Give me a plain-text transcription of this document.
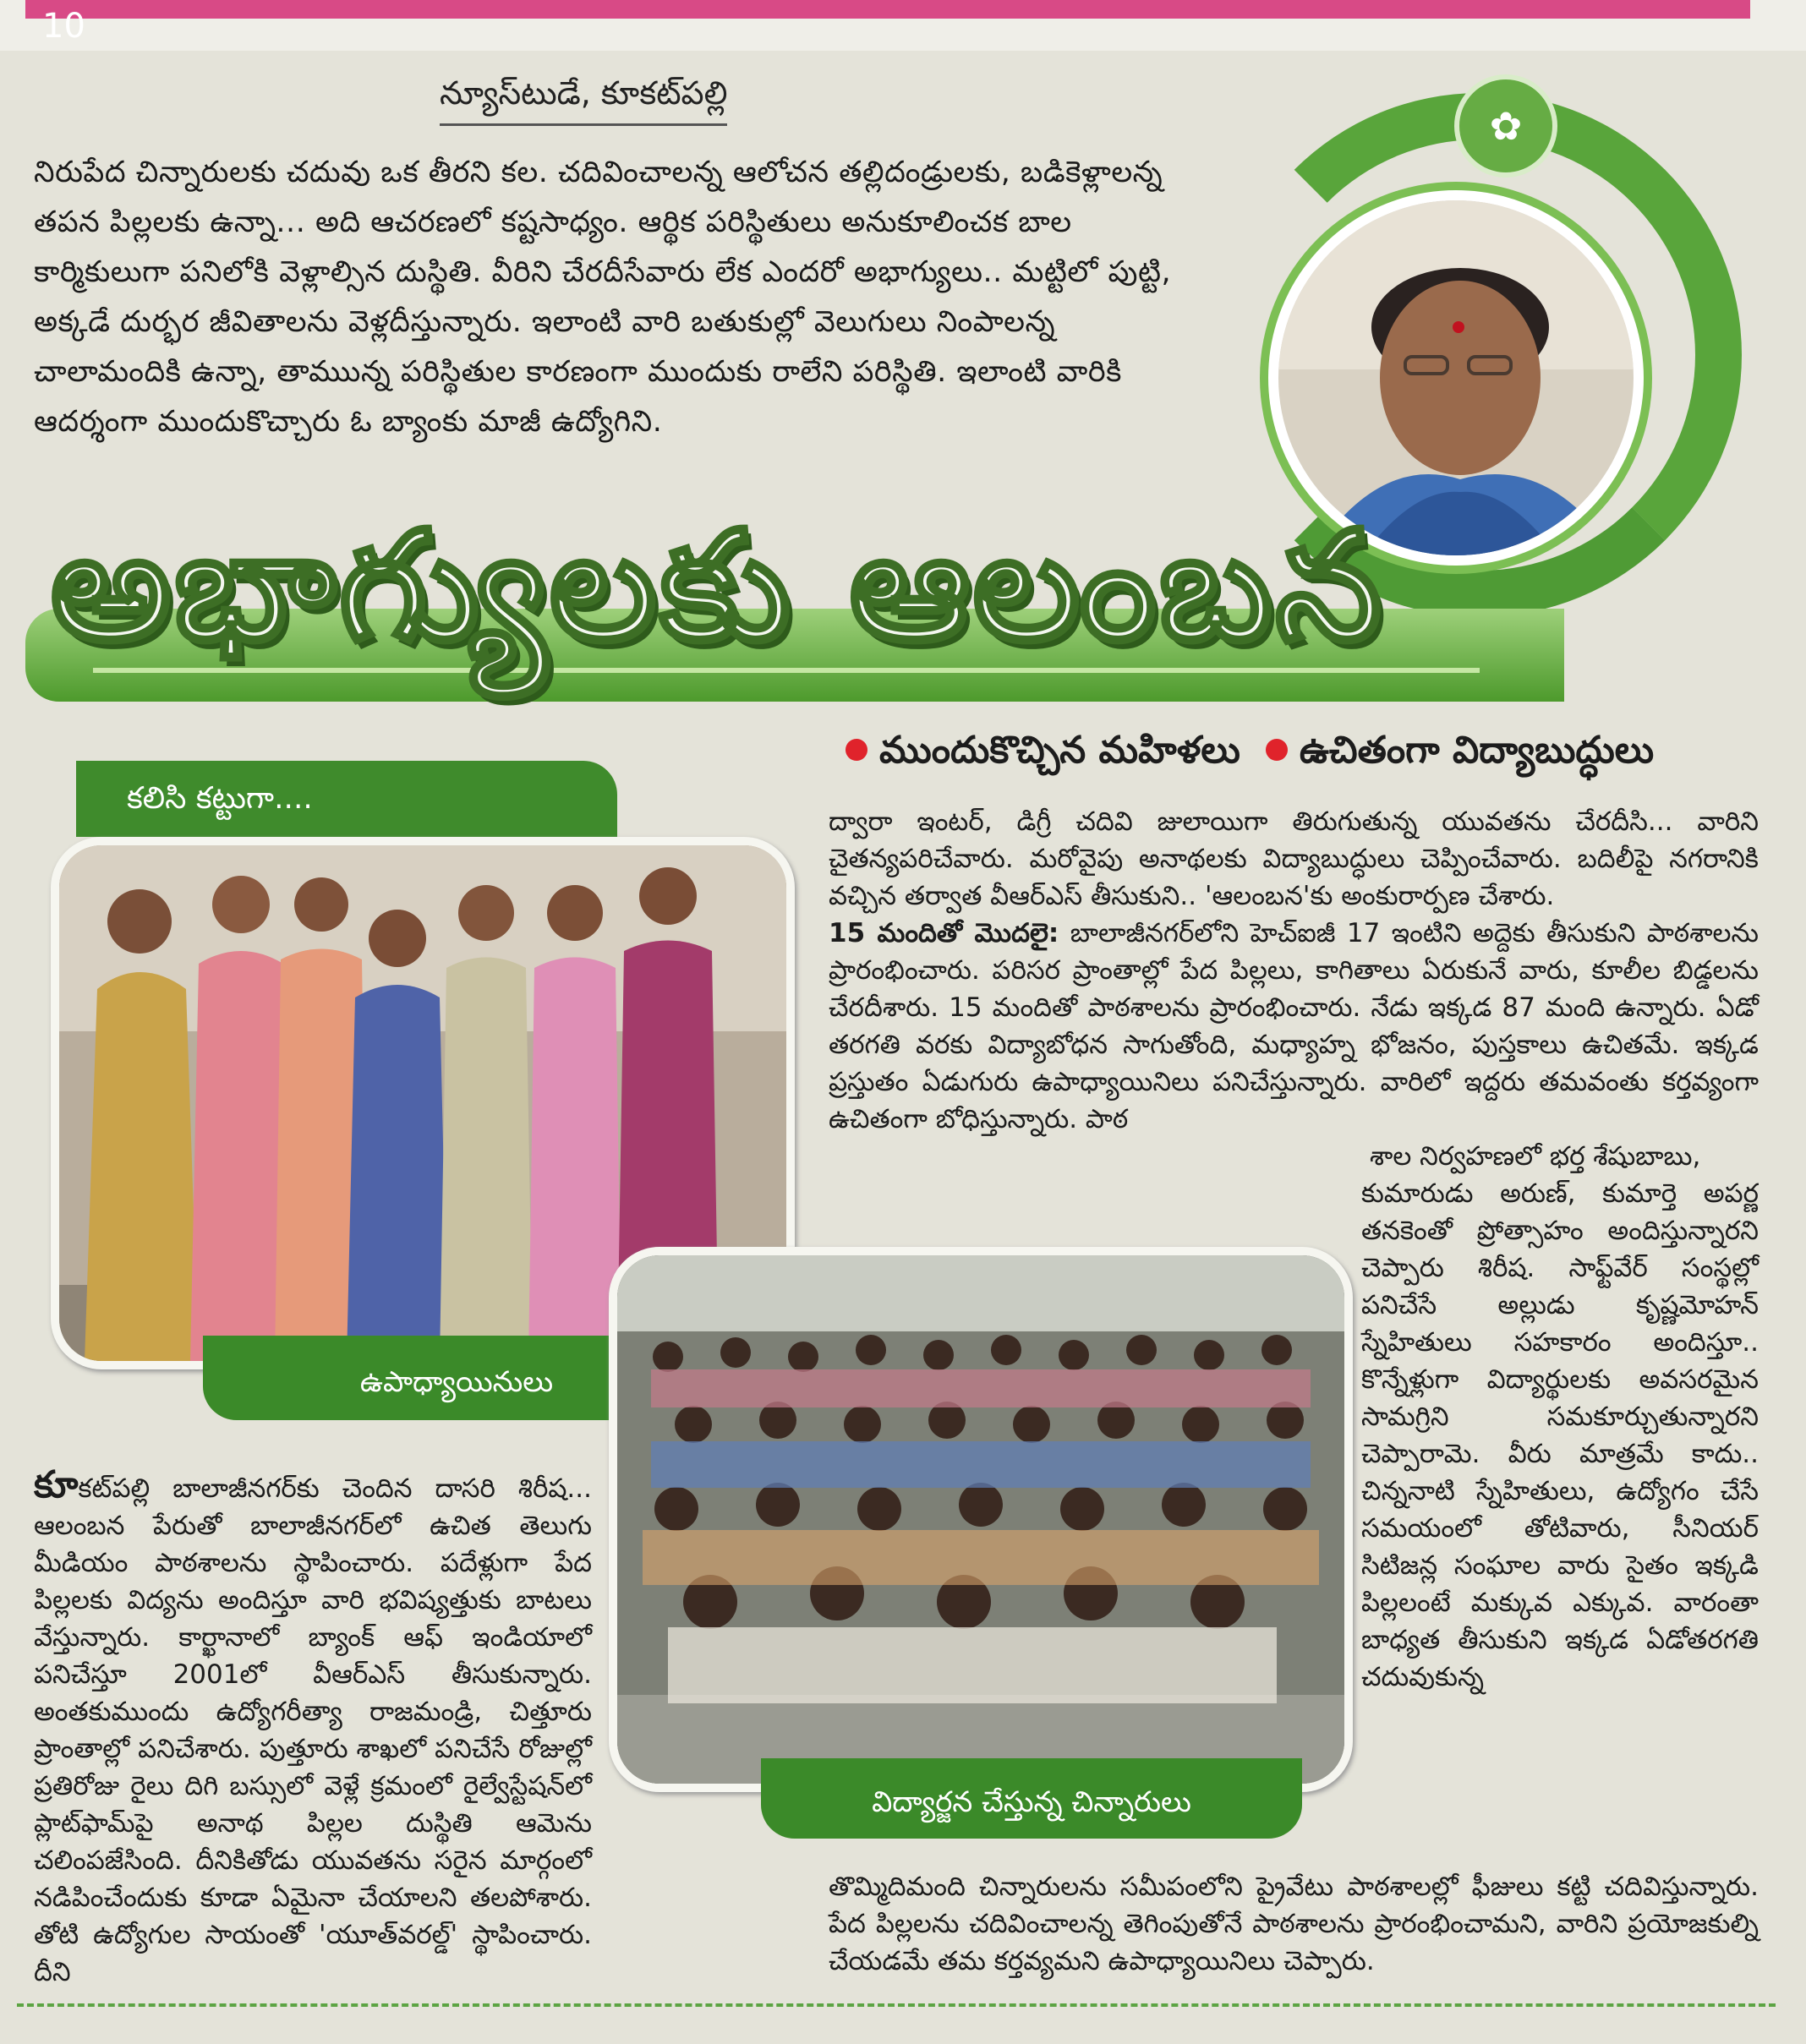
10
న్యూస్‌టుడే, కూకట్‌పల్లి
నిరుపేద చిన్నారులకు చదువు ఒక తీరని కల. చదివించాలన్న ఆలోచన తల్లిదండ్రులకు, బడికెళ్లాలన్న తపన పిల్లలకు ఉన్నా... అది ఆచరణలో కష్టసాధ్యం. ఆర్థిక పరిస్థితులు అనుకూలించక బాల కార్మికులుగా పనిలోకి వెళ్లాల్సిన దుస్థితి. వీరిని చేరదీసేవారు లేక ఎందరో అభాగ్యులు.. మట్టిలో పుట్టి, అక్కడే దుర్భర జీవితాలను వెళ్లదీస్తున్నారు. ఇలాంటి వారి బతుకుల్లో వెలుగులు నింపాలన్న చాలామందికి ఉన్నా, తాముున్న పరిస్థితుల కారణంగా ముందుకు రాలేని పరిస్థితి. ఇలాంటి వారికి ఆదర్శంగా ముందుకొచ్చారు ఓ బ్యాంకు మాజీ ఉద్యోగిని.
✿
అభాగ్యులకు ఆలంబన
ముందుకొచ్చిన మహిళలు ఉచితంగా విద్యాబుద్ధులు
కలిసి కట్టుగా....
ఉపాధ్యాయినులు
విద్యార్జన చేస్తున్న చిన్నారులు

ద్వారా ఇంటర్, డిగ్రీ చదివి జులాయిగా తిరుగుతున్న యువతను చేరదీసి... వారిని చైతన్యపరిచేవారు. మరోవైపు అనాథలకు విద్యాబుద్ధులు చెప్పించేవారు. బదిలీపై నగరానికి వచ్చిన తర్వాత వీఆర్‌ఎస్ తీసుకుని.. 'ఆలంబన'కు అంకురార్పణ చేశారు.

15 మందితో మొదలై: బాలాజీనగర్‌లోని హెచ్‌ఐజీ 17 ఇంటిని అద్దెకు తీసుకుని పాఠశాలను ప్రారంభించారు. పరిసర ప్రాంతాల్లో పేద పిల్లలు, కాగితాలు ఏరుకునే వారు, కూలీల బిడ్డలను చేరదీశారు. 15 మందితో పాఠశాలను ప్రారంభించారు. నేడు ఇక్కడ 87 మంది ఉన్నారు. ఏడో తరగతి వరకు విద్యాబోధన సాగుతోంది, మధ్యాహ్న భోజనం, పుస్తకాలు ఉచితమే. ఇక్కడ ప్రస్తుతం ఏడుగురు ఉపాధ్యాయినిలు పనిచేస్తున్నారు. వారిలో ఇద్దరు తమవంతు కర్తవ్యంగా ఉచితంగా బోధిస్తున్నారు. పాఠ

శాల నిర్వహణలో భర్త శేషుబాబు,

కుమారుడు అరుణ్, కుమార్తె అపర్ణ తనకెంతో ప్రోత్సాహం అందిస్తున్నారని చెప్పారు శిరీష. సాఫ్ట్‌వేర్ సంస్థల్లో పనిచేసే అల్లుడు కృష్ణమోహన్ స్నేహితులు సహకారం అందిస్తూ.. కొన్నేళ్లుగా విద్యార్థులకు అవసరమైన సామగ్రిని సమకూర్చుతున్నారని చెప్పారామె. వీరు మాత్రమే కాదు.. చిన్ననాటి స్నేహితులు, ఉద్యోగం చేసే సమయంలో తోటివారు, సీనియర్ సిటిజన్ల సంఘాల వారు సైతం ఇక్కడి పిల్లలంటే మక్కువ ఎక్కువ. వారంతా బాధ్యత తీసుకుని ఇక్కడ ఏడోతరగతి చదువుకున్న

కూకట్‌పల్లి బాలాజీనగర్‌కు చెందిన దాసరి శిరీష... ఆలంబన పేరుతో బాలాజీనగర్‌లో ఉచిత తెలుగు మీడియం పాఠశాలను స్థాపించారు. పదేళ్లుగా పేద పిల్లలకు విద్యను అందిస్తూ వారి భవిష్యత్తుకు బాటలు వేస్తున్నారు. కార్ఖానాలో బ్యాంక్ ఆఫ్ ఇండియాలో పనిచేస్తూ 2001లో వీఆర్‌ఎస్ తీసుకున్నారు. అంతకుముందు ఉద్యోగరీత్యా రాజమండ్రి, చిత్తూరు ప్రాంతాల్లో పనిచేశారు. పుత్తూరు శాఖలో పనిచేసే రోజుల్లో ప్రతిరోజు రైలు దిగి బస్సులో వెళ్లే క్రమంలో రైల్వేస్టేషన్‌లో ప్లాట్‌ఫామ్‌పై అనాథ పిల్లల దుస్థితి ఆమెను చలింపజేసింది. దీనికితోడు యువతను సరైన మార్గంలో నడిపించేందుకు కూడా ఏమైనా చేయాలని తలపోశారు. తోటి ఉద్యోగుల సాయంతో 'యూత్‌వరల్డ్' స్థాపించారు. దీని

తొమ్మిదిమంది చిన్నారులను సమీపంలోని ప్రైవేటు పాఠశాలల్లో ఫీజులు కట్టి చదివిస్తున్నారు. పేద పిల్లలను చదివించాలన్న తెగింపుతోనే పాఠశాలను ప్రారంభించామని, వారిని ప్రయోజకుల్ని చేయడమే తమ కర్తవ్యమని ఉపాధ్యాయినిలు చెప్పారు.
